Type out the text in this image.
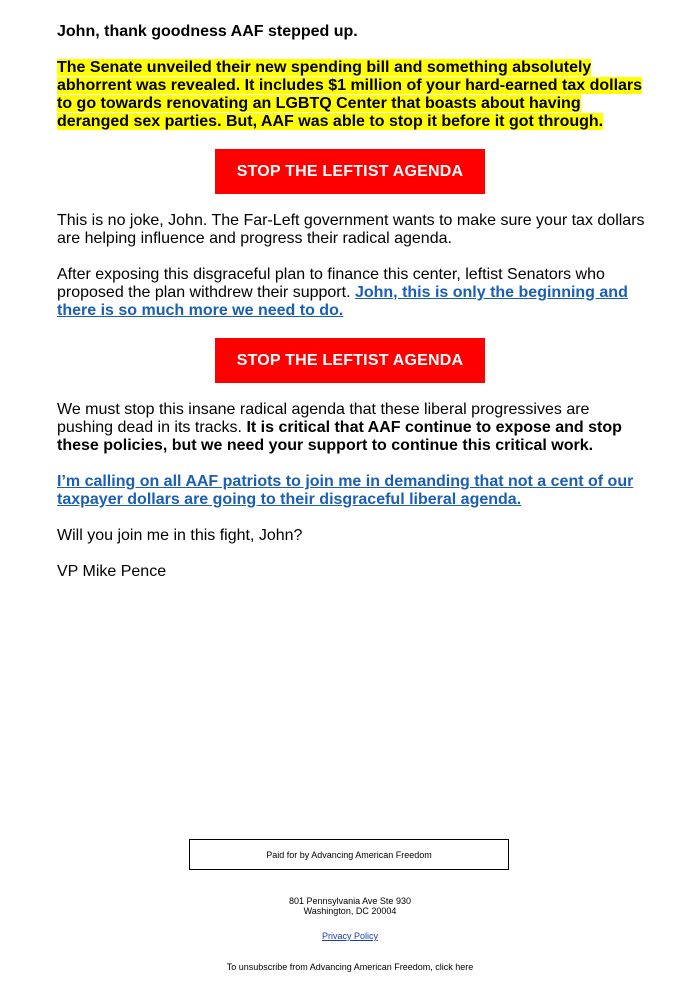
John, thank goodness AAF stepped up.

The Senate unveiled their new spending bill and something absolutely abhorrent was revealed. It includes $1 million of your hard-earned tax dollars to go towards renovating an LGBTQ Center that boasts about having deranged sex parties. But, AAF was able to stop it before it got through.

STOP THE LEFTIST AGENDA

This is no joke, John. The Far-Left government wants to make sure your tax dollars are helping influence and progress their radical agenda.

After exposing this disgraceful plan to finance this center, leftist Senators who proposed the plan withdrew their support. John, this is only the beginning and there is so much more we need to do.

STOP THE LEFTIST AGENDA

We must stop this insane radical agenda that these liberal progressives are pushing dead in its tracks. It is critical that AAF continue to expose and stop these policies, but we need your support to continue this critical work.

I’m calling on all AAF patriots to join me in demanding that not a cent of our taxpayer dollars are going to their disgraceful liberal agenda.

Will you join me in this fight, John?

VP Mike Pence

Paid for by Advancing American Freedom
801 Pennsylvania Ave Ste 930
Washington, DC 20004
Privacy Policy
To unsubscribe from Advancing American Freedom, click here
